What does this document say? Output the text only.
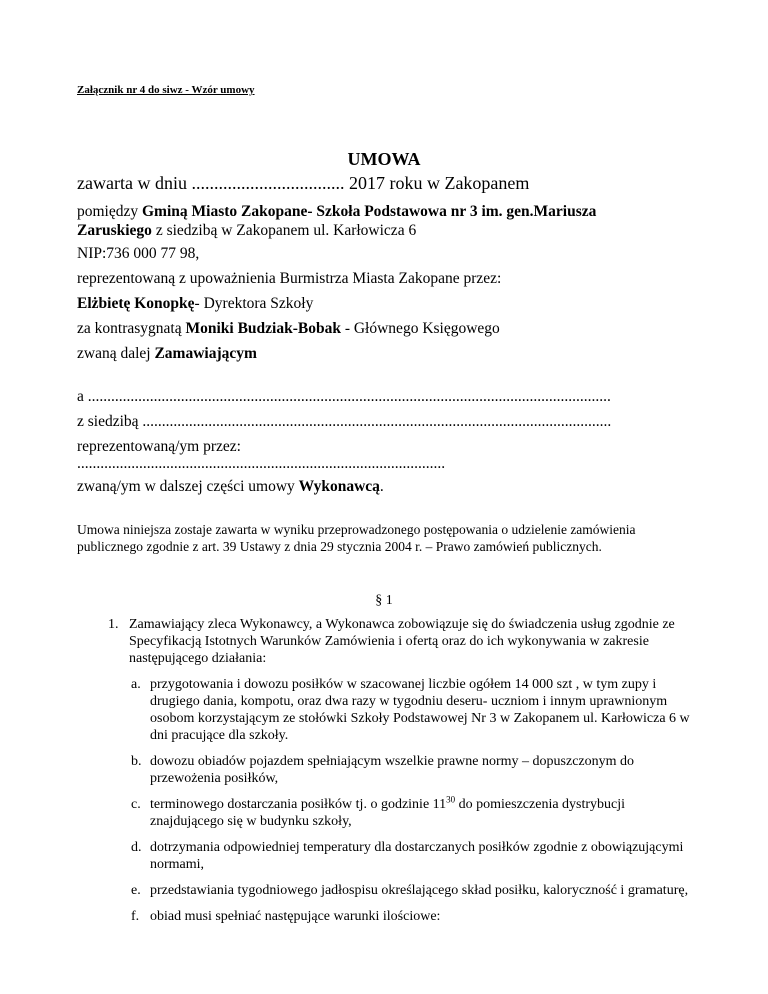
Załącznik nr 4 do siwz - Wzór umowy
UMOWA
zawarta w dniu .................................. 2017 roku w Zakopanem
pomiędzy Gminą Miasto Zakopane- Szkoła Podstawowa nr 3 im. gen.Mariusza
Zaruskiego z siedzibą w Zakopanem ul. Karłowicza 6
NIP:736 000 77 98,
reprezentowaną z upoważnienia Burmistrza Miasta Zakopane przez:
Elżbietę Konopkę- Dyrektora Szkoły
za kontrasygnatą Moniki Budziak-Bobak - Głównego Księgowego
zwaną dalej Zamawiającym
a .......................................................................................................................................
z siedzibą .........................................................................................................................
reprezentowaną/ym przez:
...............................................................................................
zwaną/ym w dalszej części umowy Wykonawcą.
Umowa niniejsza zostaje zawarta w wyniku przeprowadzonego postępowania o udzielenie zamówienia publicznego zgodnie z art. 39 Ustawy z dnia 29 stycznia 2004 r. – Prawo zamówień publicznych.
§ 1
1. Zamawiający zleca Wykonawcy, a Wykonawca zobowiązuje się do świadczenia usług zgodnie ze Specyfikacją Istotnych Warunków Zamówienia i ofertą oraz do ich wykonywania w zakresie następującego działania:
a. przygotowania i dowozu posiłków w szacowanej liczbie ogółem 14 000 szt , w tym zupy i drugiego dania, kompotu, oraz dwa razy w tygodniu deseru- uczniom i innym uprawnionym osobom korzystającym ze stołówki Szkoły Podstawowej Nr 3 w Zakopanem ul. Karłowicza 6 w dni pracujące dla szkoły.
b. dowozu obiadów pojazdem spełniającym wszelkie prawne normy – dopuszczonym do przewożenia posiłków,
c. terminowego dostarczania posiłków tj. o godzinie $11^{30}$ do pomieszczenia dystrybucji znajdującego się w budynku szkoły,
d. dotrzymania odpowiedniej temperatury dla dostarczanych posiłków zgodnie z obowiązującymi normami,
e. przedstawiania tygodniowego jadłospisu określającego skład posiłku, kaloryczność i gramaturę,
f. obiad musi spełniać następujące warunki ilościowe:
